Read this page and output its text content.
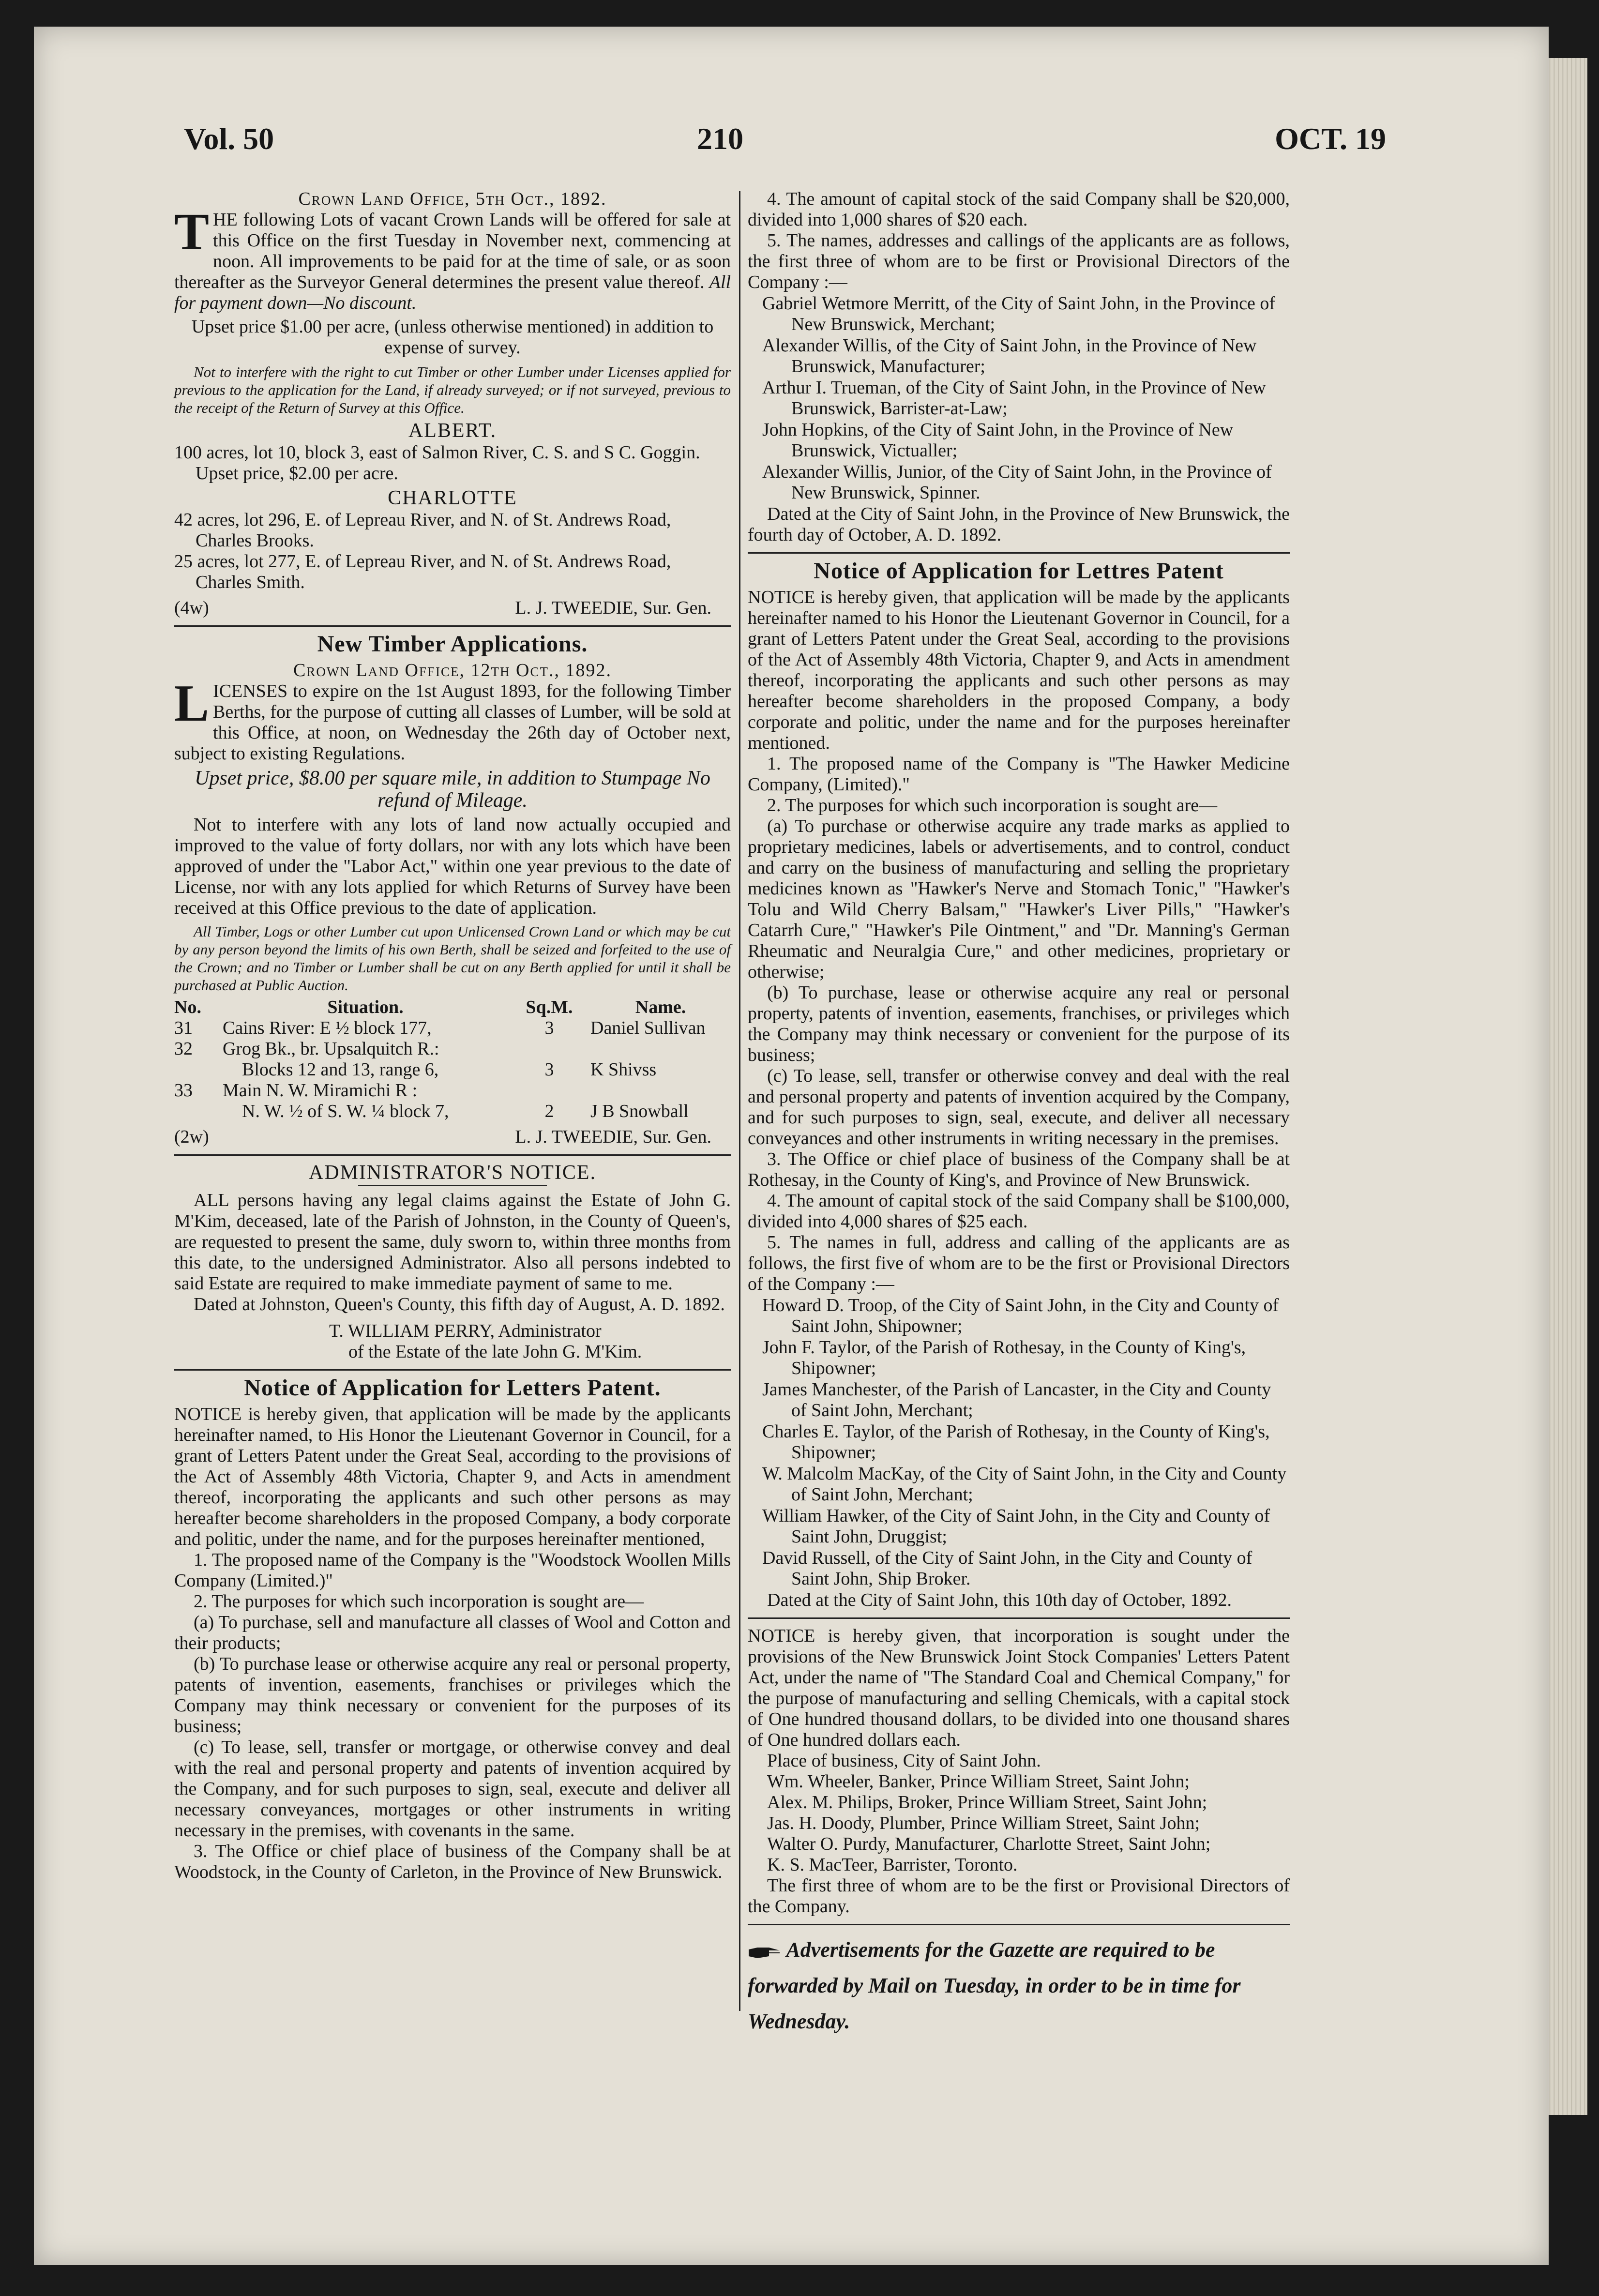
Vol. 50	210	OCT. 19
Crown Land Office, 5th Oct., 1892.
THE following Lots of vacant Crown Lands will be offered for sale at this Office on the first Tuesday in November next, commencing at noon. All improvements to be paid for at the time of sale, or as soon thereafter as the Surveyor General determines the present value thereof. All for payment down—No discount.
Upset price $1.00 per acre, (unless otherwise mentioned) in addition to expense of survey.
Not to interfere with the right to cut Timber or other Lumber under Licenses applied for previous to the application for the Land, if already surveyed; or if not surveyed, previous to the receipt of the Return of Survey at this Office.
ALBERT.
100 acres, lot 10, block 3, east of Salmon River, C. S. and S C. Goggin. Upset price, $2.00 per acre.
CHARLOTTE
42 acres, lot 296, E. of Lepreau River, and N. of St. Andrews Road, Charles Brooks.
25 acres, lot 277, E. of Lepreau River, and N. of St. Andrews Road, Charles Smith.
(4w)	L. J. TWEEDIE, Sur. Gen.
New Timber Applications.
Crown Land Office, 12th Oct., 1892.
LICENSES to expire on the 1st August 1893, for the following Timber Berths, for the purpose of cutting all classes of Lumber, will be sold at this Office, at noon, on Wednesday the 26th day of October next, subject to existing Regulations.
Upset price, $8.00 per square mile, in addition to Stumpage No refund of Mileage.
Not to interfere with any lots of land now actually occupied and improved to the value of forty dollars, nor with any lots which have been approved of under the "Labor Act," within one year previous to the date of License, nor with any lots applied for which Returns of Survey have been received at this Office previous to the date of application.
All Timber, Logs or other Lumber cut upon Unlicensed Crown Land or which may be cut by any person beyond the limits of his own Berth, shall be seized and forfeited to the use of the Crown; and no Timber or Lumber shall be cut on any Berth applied for until it shall be purchased at Public Auction.
No.	Situation.	Sq.M.	Name.
31	Cains River: E ½ block 177,	3	Daniel Sullivan
32	Grog Bk., br. Upsalquitch R.:
Blocks 12 and 13, range 6,	3	K Shivss
33	Main N. W. Miramichi R :
N. W. ½ of S. W. ¼ block 7,	2	J B Snowball
(2w)	L. J. TWEEDIE, Sur. Gen.
ADMINISTRATOR'S NOTICE.
ALL persons having any legal claims against the Estate of John G. M'Kim, deceased, late of the Parish of Johnston, in the County of Queen's, are requested to present the same, duly sworn to, within three months from this date, to the undersigned Administrator. Also all persons indebted to said Estate are required to make immediate payment of same to me.
Dated at Johnston, Queen's County, this fifth day of August, A. D. 1892.
T. WILLIAM PERRY, Administrator
of the Estate of the late John G. M'Kim.
Notice of Application for Letters Patent.
NOTICE is hereby given, that application will be made by the applicants hereinafter named, to His Honor the Lieutenant Governor in Council, for a grant of Letters Patent under the Great Seal, according to the provisions of the Act of Assembly 48th Victoria, Chapter 9, and Acts in amendment thereof, incorporating the applicants and such other persons as may hereafter become shareholders in the proposed Company, a body corporate and politic, under the name, and for the purposes hereinafter mentioned,
1. The proposed name of the Company is the "Woodstock Woollen Mills Company (Limited.)"
2. The purposes for which such incorporation is sought are—
(a) To purchase, sell and manufacture all classes of Wool and Cotton and their products;
(b) To purchase lease or otherwise acquire any real or personal property, patents of invention, easements, franchises or privileges which the Company may think necessary or convenient for the purposes of its business;
(c) To lease, sell, transfer or mortgage, or otherwise convey and deal with the real and personal property and patents of invention acquired by the Company, and for such purposes to sign, seal, execute and deliver all necessary conveyances, mortgages or other instruments in writing necessary in the premises, with covenants in the same.
3. The Office or chief place of business of the Company shall be at Woodstock, in the County of Carleton, in the Province of New Brunswick.
4. The amount of capital stock of the said Company shall be $20,000, divided into 1,000 shares of $20 each.
5. The names, addresses and callings of the applicants are as follows, the first three of whom are to be first or Provisional Directors of the Company :—
Gabriel Wetmore Merritt, of the City of Saint John, in the Province of New Brunswick, Merchant;
Alexander Willis, of the City of Saint John, in the Province of New Brunswick, Manufacturer;
Arthur I. Trueman, of the City of Saint John, in the Province of New Brunswick, Barrister-at-Law;
John Hopkins, of the City of Saint John, in the Province of New Brunswick, Victualler;
Alexander Willis, Junior, of the City of Saint John, in the Province of New Brunswick, Spinner.
Dated at the City of Saint John, in the Province of New Brunswick, the fourth day of October, A. D. 1892.
Notice of Application for Lettres Patent
NOTICE is hereby given, that application will be made by the applicants hereinafter named to his Honor the Lieutenant Governor in Council, for a grant of Letters Patent under the Great Seal, according to the provisions of the Act of Assembly 48th Victoria, Chapter 9, and Acts in amendment thereof, incorporating the applicants and such other persons as may hereafter become shareholders in the proposed Company, a body corporate and politic, under the name and for the purposes hereinafter mentioned.
1. The proposed name of the Company is "The Hawker Medicine Company, (Limited)."
2. The purposes for which such incorporation is sought are—
(a) To purchase or otherwise acquire any trade marks as applied to proprietary medicines, labels or advertisements, and to control, conduct and carry on the business of manufacturing and selling the proprietary medicines known as "Hawker's Nerve and Stomach Tonic," "Hawker's Tolu and Wild Cherry Balsam," "Hawker's Liver Pills," "Hawker's Catarrh Cure," "Hawker's Pile Ointment," and "Dr. Manning's German Rheumatic and Neuralgia Cure," and other medicines, proprietary or otherwise;
(b) To purchase, lease or otherwise acquire any real or personal property, patents of invention, easements, franchises, or privileges which the Company may think necessary or convenient for the purpose of its business;
(c) To lease, sell, transfer or otherwise convey and deal with the real and personal property and patents of invention acquired by the Company, and for such purposes to sign, seal, execute, and deliver all necessary conveyances and other instruments in writing necessary in the premises.
3. The Office or chief place of business of the Company shall be at Rothesay, in the County of King's, and Province of New Brunswick.
4. The amount of capital stock of the said Company shall be $100,000, divided into 4,000 shares of $25 each.
5. The names in full, address and calling of the applicants are as follows, the first five of whom are to be the first or Provisional Directors of the Company :—
Howard D. Troop, of the City of Saint John, in the City and County of Saint John, Shipowner;
John F. Taylor, of the Parish of Rothesay, in the County of King's, Shipowner;
James Manchester, of the Parish of Lancaster, in the City and County of Saint John, Merchant;
Charles E. Taylor, of the Parish of Rothesay, in the County of King's, Shipowner;
W. Malcolm MacKay, of the City of Saint John, in the City and County of Saint John, Merchant;
William Hawker, of the City of Saint John, in the City and County of Saint John, Druggist;
David Russell, of the City of Saint John, in the City and County of Saint John, Ship Broker.
Dated at the City of Saint John, this 10th day of October, 1892.
NOTICE is hereby given, that incorporation is sought under the provisions of the New Brunswick Joint Stock Companies' Letters Patent Act, under the name of "The Standard Coal and Chemical Company," for the purpose of manufacturing and selling Chemicals, with a capital stock of One hundred thousand dollars, to be divided into one thousand shares of One hundred dollars each.
Place of business, City of Saint John.
Wm. Wheeler, Banker, Prince William Street, Saint John;
Alex. M. Philips, Broker, Prince William Street, Saint John;
Jas. H. Doody, Plumber, Prince William Street, Saint John;
Walter O. Purdy, Manufacturer, Charlotte Street, Saint John;
K. S. MacTeer, Barrister, Toronto.
The first three of whom are to be the first or Provisional Directors of the Company.
Advertisements for the Gazette are required to be forwarded by Mail on Tuesday, in order to be in time for Wednesday.
